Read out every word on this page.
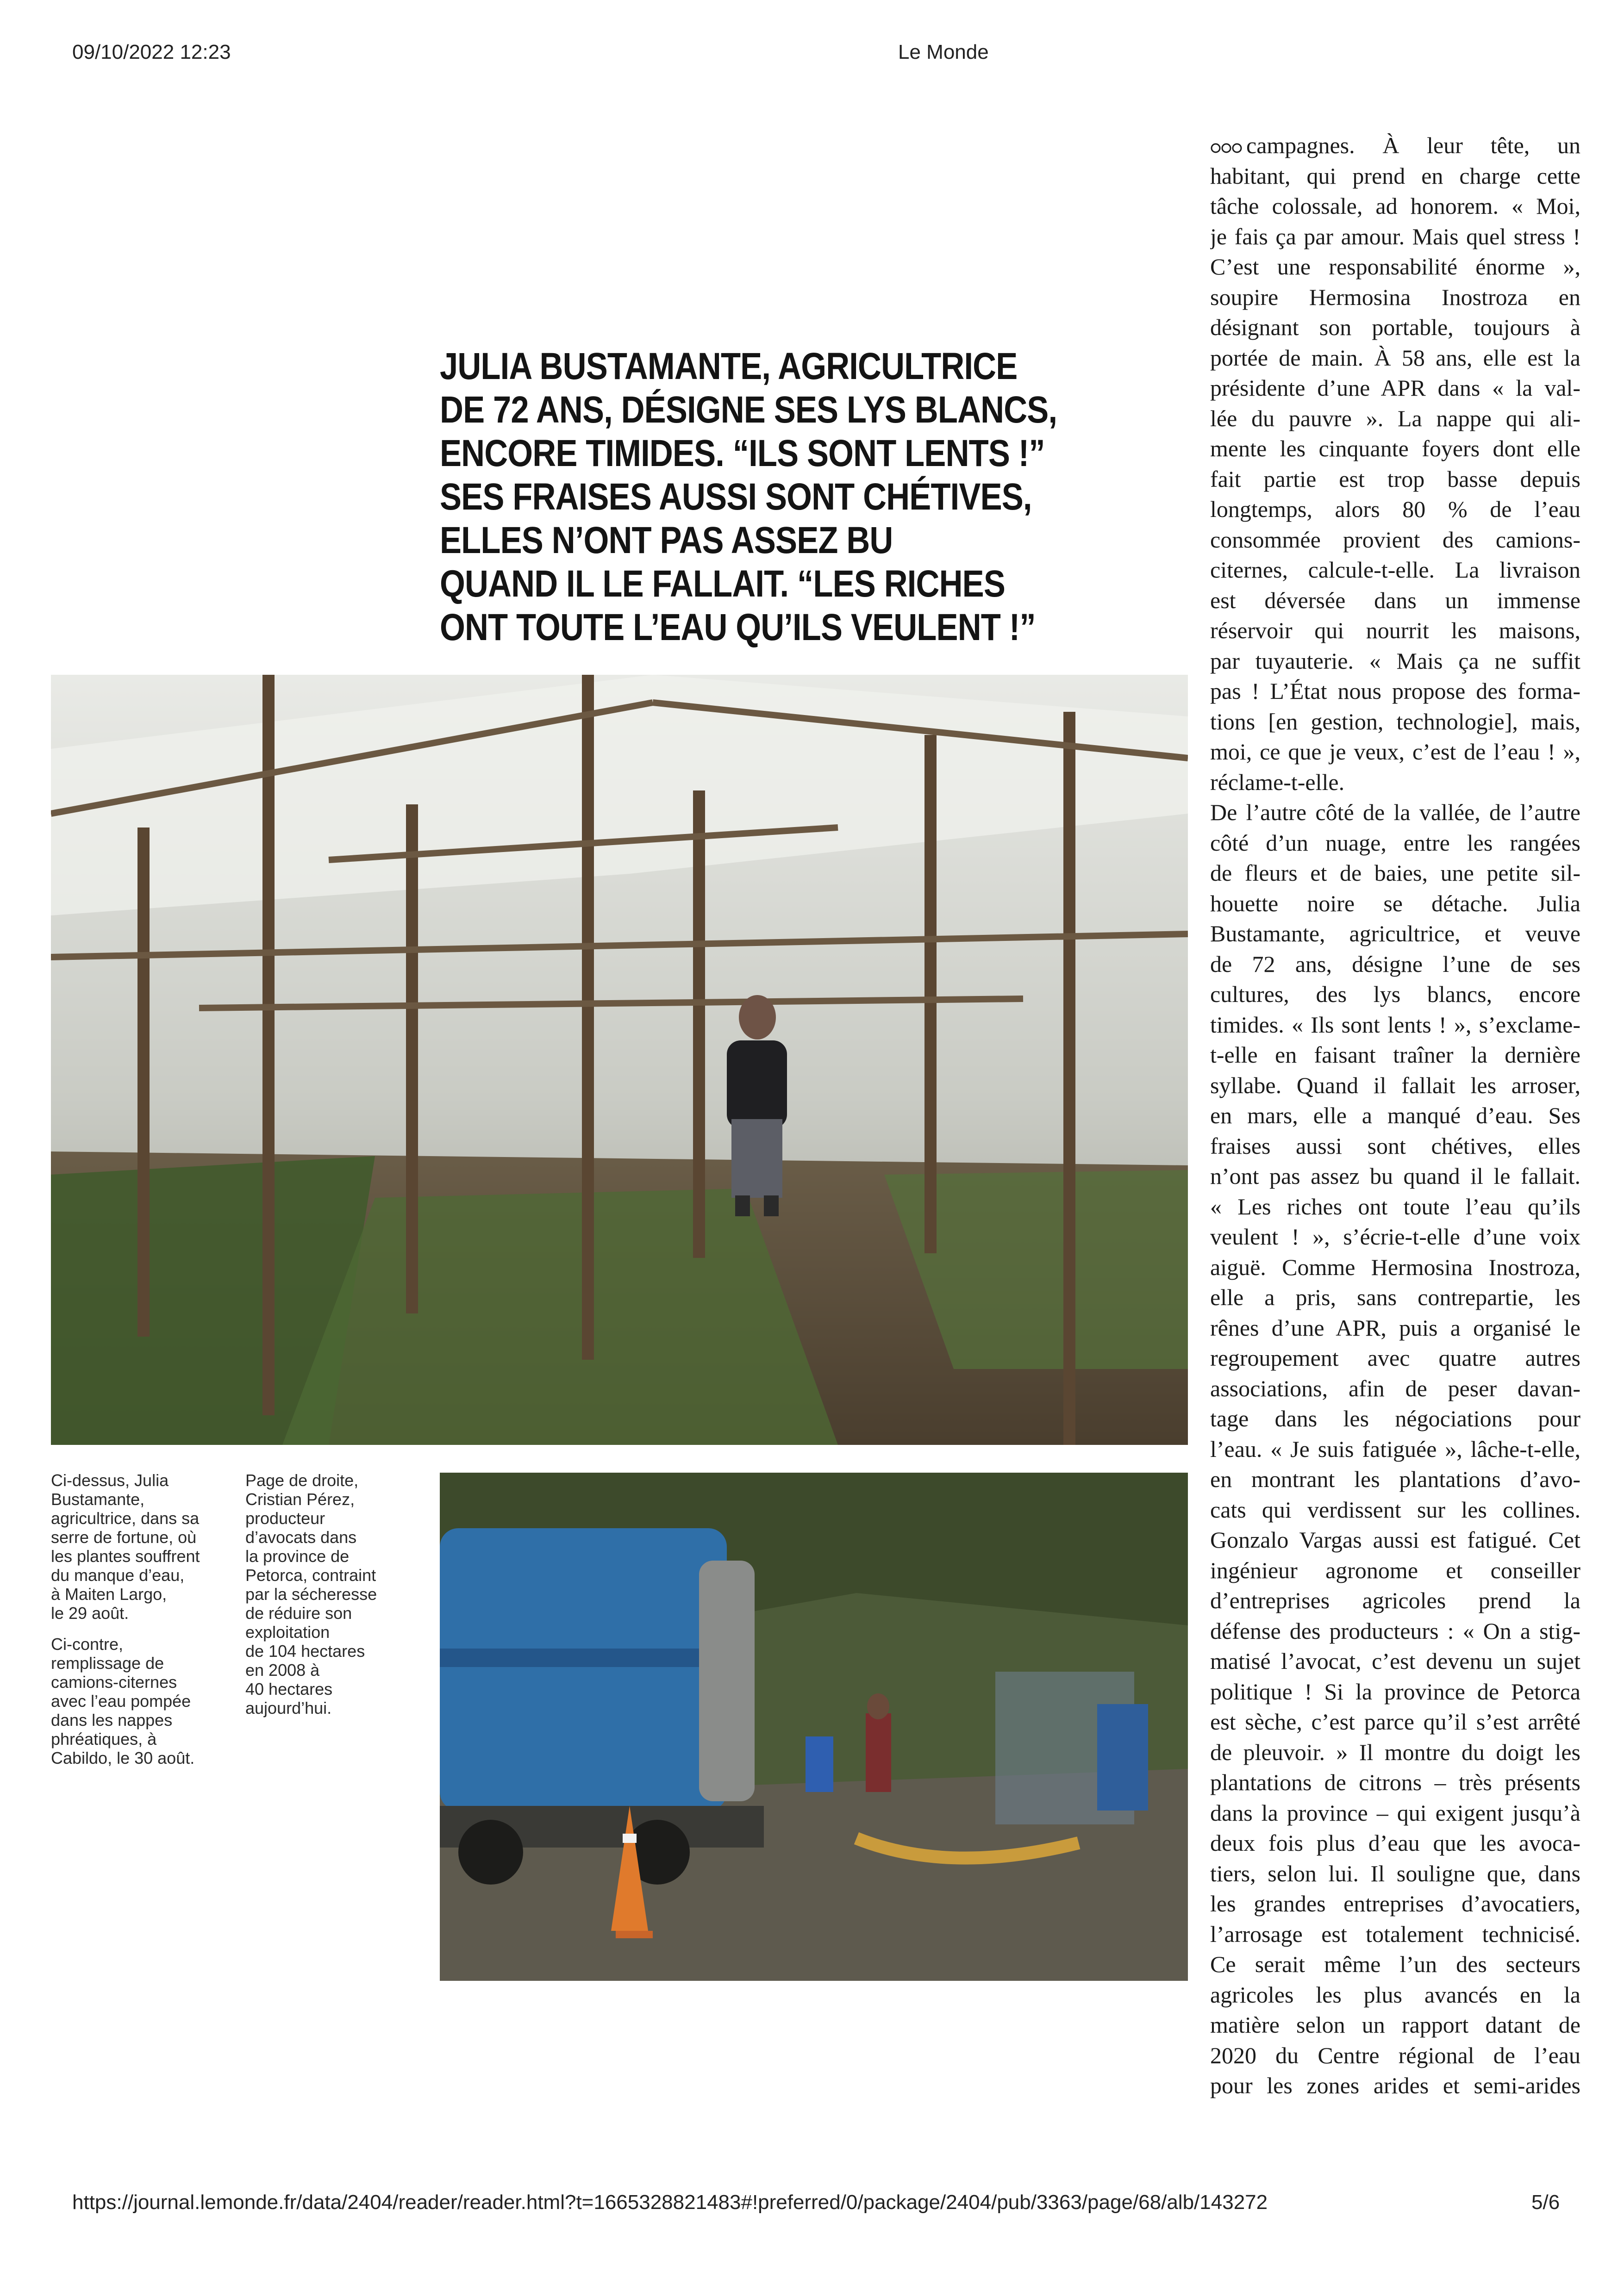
09/10/2022 12:23	Le Monde
JULIA BUSTAMANTE, AGRICULTRICE
DE 72 ANS, DÉSIGNE SES LYS BLANCS,
ENCORE TIMIDES. “ILS SONT LENTS !”
SES FRAISES AUSSI SONT CHÉTIVES,
ELLES N’ONT PAS ASSEZ BU
QUAND IL LE FALLAIT. “LES RICHES
ONT TOUTE L’EAU QU’ILS VEULENT !”
Ci-dessus, Julia
Bustamante,
agricultrice, dans sa
serre de fortune, où
les plantes souffrent
du manque d’eau,
à Maiten Largo,
le 29 août.
Ci-contre,
remplissage de
camions-citernes
avec l’eau pompée
dans les nappes
phréatiques, à
Cabildo, le 30 août.
Page de droite,
Cristian Pérez,
producteur
d’avocats dans
la province de
Petorca, contraint
par la sécheresse
de réduire son
exploitation
de 104 hectares
en 2008 à
40 hectares
aujourd’hui.
campagnes. À leur tête, un
habitant, qui prend en charge cette
tâche colossale, ad honorem. « Moi,
je fais ça par amour. Mais quel stress !
C’est une responsabilité énorme »,
soupire Hermosina Inostroza en
désignant son portable, toujours à
portée de main. À 58 ans, elle est la
présidente d’une APR dans « la val-
lée du pauvre ». La nappe qui ali-
mente les cinquante foyers dont elle
fait partie est trop basse depuis
longtemps, alors 80 % de l’eau
consommée provient des camions-
citernes, calcule-t-elle. La livraison
est déversée dans un immense
réservoir qui nourrit les maisons,
par tuyauterie. « Mais ça ne suffit
pas ! L’État nous propose des forma-
tions [en gestion, technologie], mais,
moi, ce que je veux, c’est de l’eau ! »,
réclame-t-elle.
De l’autre côté de la vallée, de l’autre
côté d’un nuage, entre les rangées
de fleurs et de baies, une petite sil-
houette noire se détache. Julia
Bustamante, agricultrice, et veuve
de 72 ans, désigne l’une de ses
cultures, des lys blancs, encore
timides. « Ils sont lents ! », s’exclame-
t-elle en faisant traîner la dernière
syllabe. Quand il fallait les arroser,
en mars, elle a manqué d’eau. Ses
fraises aussi sont chétives, elles
n’ont pas assez bu quand il le fallait.
« Les riches ont toute l’eau qu’ils
veulent ! », s’écrie-t-elle d’une voix
aiguë. Comme Hermosina Inostroza,
elle a pris, sans contrepartie, les
rênes d’une APR, puis a organisé le
regroupement avec quatre autres
associations, afin de peser davan-
tage dans les négociations pour
l’eau. « Je suis fatiguée », lâche-t-elle,
en montrant les plantations d’avo-
cats qui verdissent sur les collines.
Gonzalo Vargas aussi est fatigué. Cet
ingénieur agronome et conseiller
d’entreprises agricoles prend la
défense des producteurs : « On a stig-
matisé l’avocat, c’est devenu un sujet
politique ! Si la province de Petorca
est sèche, c’est parce qu’il s’est arrêté
de pleuvoir. » Il montre du doigt les
plantations de citrons – très présents
dans la province – qui exigent jusqu’à
deux fois plus d’eau que les avoca-
tiers, selon lui. Il souligne que, dans
les grandes entreprises d’avocatiers,
l’arrosage est totalement technicisé.
Ce serait même l’un des secteurs
agricoles les plus avancés en la
matière selon un rapport datant de
2020 du Centre régional de l’eau
pour les zones arides et semi-arides
https://journal.lemonde.fr/data/2404/reader/reader.html?t=1665328821483#!preferred/0/package/2404/pub/3363/page/68/alb/143272	5/6
